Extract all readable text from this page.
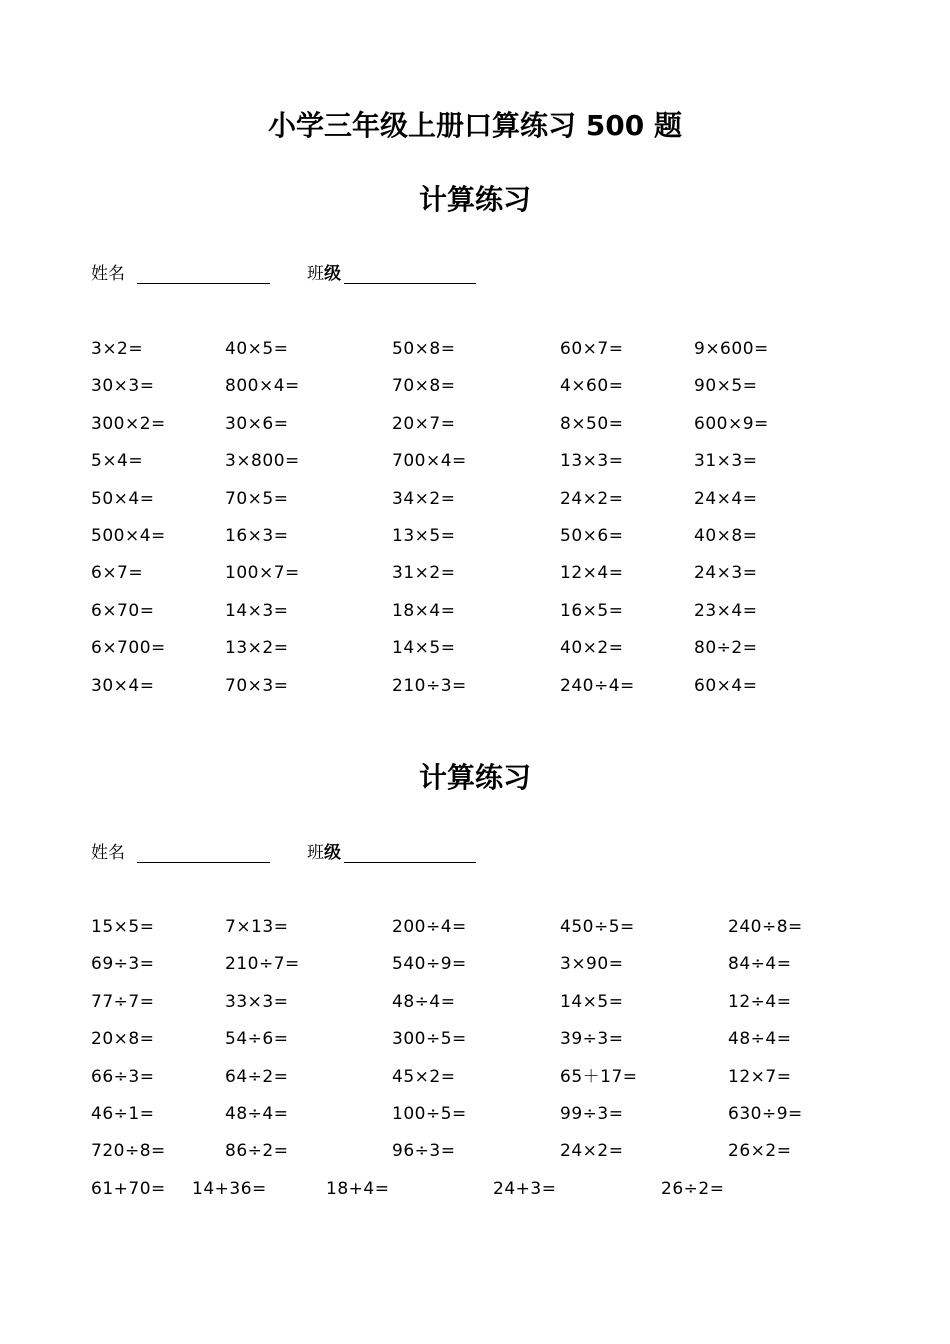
小学三年级上册口算练习 500 题
计算练习
姓名	班级
3×2=	40×5=	50×8=	60×7=	9×600=
30×3=	800×4=	70×8=	4×60=	90×5=
300×2=	30×6=	20×7=	8×50=	600×9=
5×4=	3×800=	700×4=	13×3=	31×3=
50×4=	70×5=	34×2=	24×2=	24×4=
500×4=	16×3=	13×5=	50×6=	40×8=
6×7=	100×7=	31×2=	12×4=	24×3=
6×70=	14×3=	18×4=	16×5=	23×4=
6×700=	13×2=	14×5=	40×2=	80÷2=
30×4=	70×3=	210÷3=	240÷4=	60×4=
计算练习
姓名	班级
15×5=	7×13=	200÷4=	450÷5=	240÷8=
69÷3=	210÷7=	540÷9=	3×90=	84÷4=
77÷7=	33×3=	48÷4=	14×5=	12÷4=
20×8=	54÷6=	300÷5=	39÷3=	48÷4=
66÷3=	64÷2=	45×2=	65＋17=	12×7=
46÷1=	48÷4=	100÷5=	99÷3=	630÷9=
720÷8=	86÷2=	96÷3=	24×2=	26×2=
61+70= 14+36=	18+4=	24+3=	26÷2=
